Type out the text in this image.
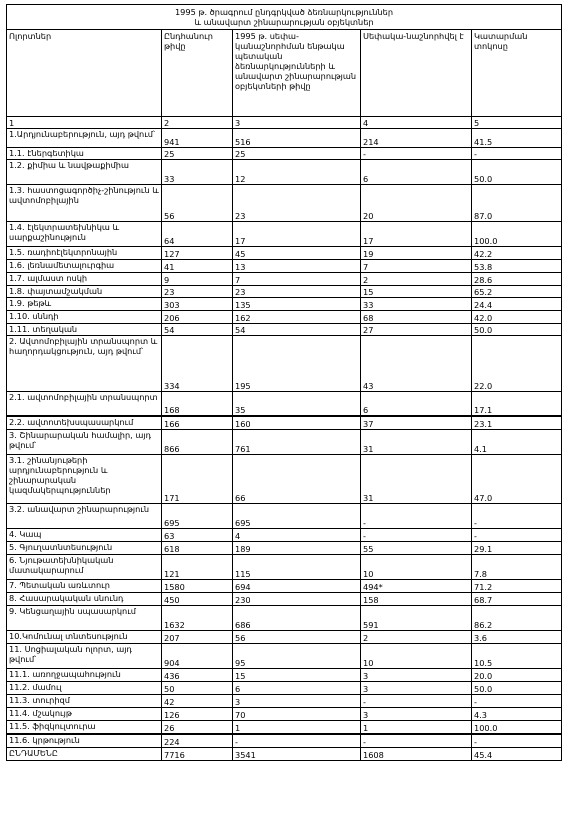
1995 թ. ծրագրում ընդգրկված ձեռնարկություններ
և անավարտ շինարարության օբյեկտներ				
Ոլորտներ	Ընդհանուր թիվը	1995 թ. սեփա-կանաշնորհման ենթակա պետական ձեռնարկությունների և անավարտ շինարարության օբյեկտների թիվը	Սեփակա-նաշնորհվել է	Կատարման տոկոսը
1	2	3	4	5
1.Արդյունաբերություն, այդ թվում՝	941	516	214	41.5
1.1. էներգետիկա	25	25	-	-
1.2. քիմիա և նավթաքիմիա	33	12	6	50.0
1.3. հաստոցագործիչ-շինություն և ավտոմոբիլային	56	23	20	87.0
1.4. էլեկտրատեխնիկա և սարքաշինություն	64	17	17	100.0
1.5. ռադիոէլեկտրոնային	127	45	19	42.2
1.6. լեռնամետալուրգիա	41	13	7	53.8
1.7. ալմաստ ոսկի	9	7	2	28.6
1.8. փայտամշակման	23	23	15	65.2
1.9. թեթև	303	135	33	24.4
1.10. սննդի	206	162	68	42.0
1.11. տեղական	54	54	27	50.0
2. Ավտոմոբիլային տրանսպորտ և հաղորդակցություն, այդ թվում՝	334	195	43	22.0
2.1. ավտոմոբիլային տրանսպորտ	168	35	6	17.1
2.2. ավտոտեխսպասարկում	166	160	37	23.1
3. Շինարարական համալիր, այդ թվում՝	866	761	31	4.1
3.1. շինանյութերի արդյունաբերություն և շինարարական կազմակերպություններ	171	66	31	47.0
3.2. անավարտ շինարարություն	695	695	-	-
4. Կապ	63	4	-	-
5. Գյուղատնտեսություն	618	189	55	29.1
6. Նյութատեխնիկական մատակարարում	121	115	10	7.8
7. Պետական առևտուր	1580	694	494*	71.2
8. Հասարակական սնունդ	450	230	158	68.7
9. Կենցաղային սպասարկում	1632	686	591	86.2
10.Կոմունալ տնտեսություն	207	56	2	3.6
11. Սոցիալական ոլորտ, այդ թվում՝	904	95	10	10.5
11.1. առողջապահություն	436	15	3	20.0
11.2. մամուլ	50	6	3	50.0
11.3. տուրիզմ	42	3	-	-
11.4. մշակույթ	126	70	3	4.3
11.5. ֆիզկուլտուրա	26	1	1	100.0
11.6. կրթություն	224	-	-	-
ԸՆԴԱՄԵՆԸ	7716	3541	1608	45.4
